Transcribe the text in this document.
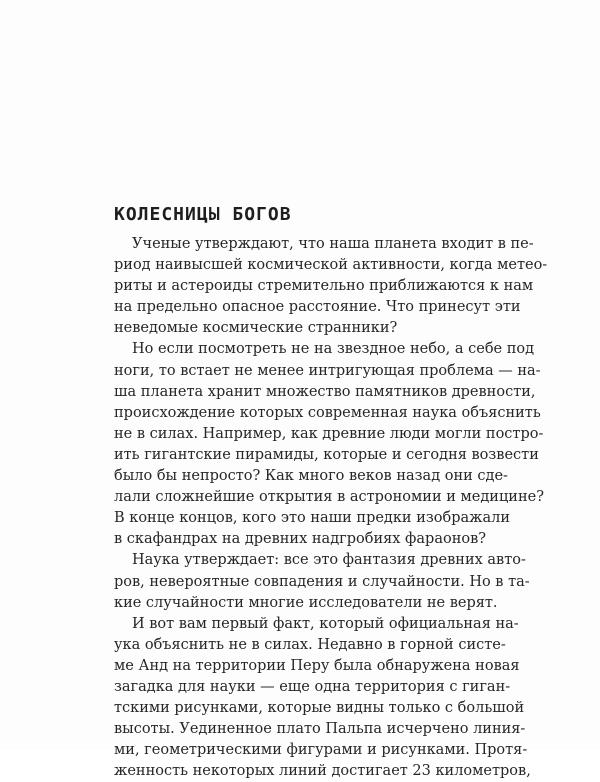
КОЛЕСНИЦЫ БОГОВ
Ученые утверждают, что наша планета входит в пе-
риод наивысшей космической активности, когда метео-
риты и астероиды стремительно приближаются к нам
на предельно опасное расстояние. Что принесут эти
неведомые космические странники?
Но если посмотреть не на звездное небо, а себе под
ноги, то встает не менее интригующая проблема — на-
ша планета хранит множество памятников древности,
происхождение которых современная наука объяснить
не в силах. Например, как древние люди могли постро-
ить гигантские пирамиды, которые и сегодня возвести
было бы непросто? Как много веков назад они сде-
лали сложнейшие открытия в астрономии и медицине?
В конце концов, кого это наши предки изображали
в скафандрах на древних надгробиях фараонов?
Наука утверждает: все это фантазия древних авто-
ров, невероятные совпадения и случайности. Но в та-
кие случайности многие исследователи не верят.
И вот вам первый факт, который официальная на-
ука объяснить не в силах. Недавно в горной систе-
ме Анд на территории Перу была обнаружена новая
загадка для науки — еще одна территория с гиган-
тскими рисунками, которые видны только с большой
высоты. Уединенное плато Пальпа исчерчено линия-
ми, геометрическими фигурами и рисунками. Протя-
женность некоторых линий достигает 23 километров,
